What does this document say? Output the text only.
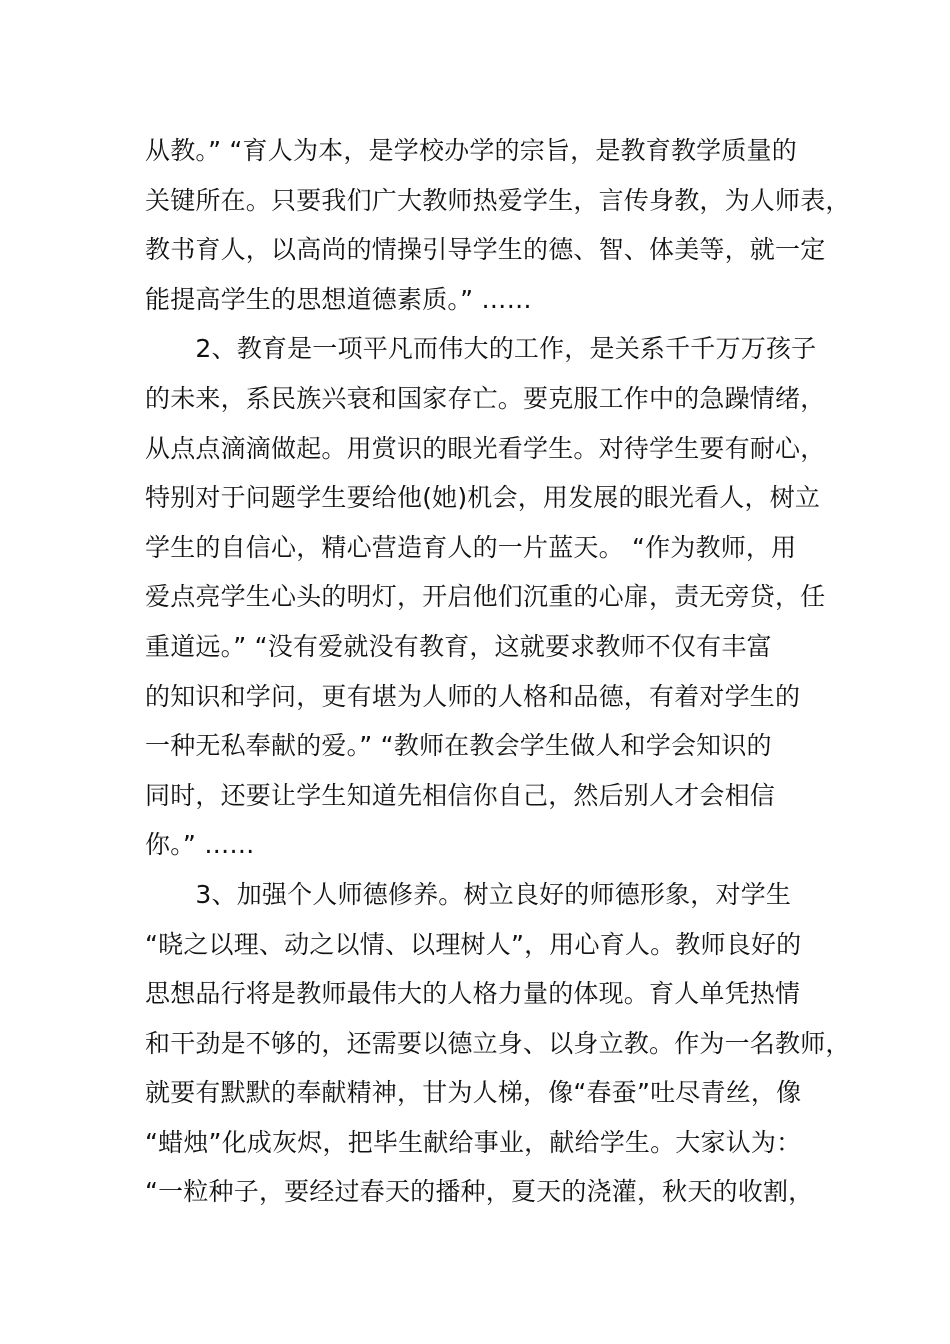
从教。” “育人为本，是学校办学的宗旨，是教育教学质量的
关键所在。只要我们广大教师热爱学生，言传身教，为人师表，
教书育人，以高尚的情操引导学生的德、智、体美等，就一定
能提高学生的思想道德素质。” ……
　　2、教育是一项平凡而伟大的工作，是关系千千万万孩子
的未来，系民族兴衰和国家存亡。要克服工作中的急躁情绪，
从点点滴滴做起。用赏识的眼光看学生。对待学生要有耐心，
特别对于问题学生要给他(她)机会，用发展的眼光看人，树立
学生的自信心，精心营造育人的一片蓝天。 “作为教师，用
爱点亮学生心头的明灯，开启他们沉重的心扉，责无旁贷，任
重道远。” “没有爱就没有教育，这就要求教师不仅有丰富
的知识和学问，更有堪为人师的人格和品德，有着对学生的
一种无私奉献的爱。” “教师在教会学生做人和学会知识的
同时，还要让学生知道先相信你自己，然后别人才会相信
你。” ……
　　3、加强个人师德修养。树立良好的师德形象，对学生
“晓之以理、动之以情、以理树人”，用心育人。教师良好的
思想品行将是教师最伟大的人格力量的体现。育人单凭热情
和干劲是不够的，还需要以德立身、以身立教。作为一名教师，
就要有默默的奉献精神，甘为人梯，像“春蚕”吐尽青丝，像
“蜡烛”化成灰烬，把毕生献给事业，献给学生。大家认为：
“一粒种子，要经过春天的播种，夏天的浇灌，秋天的收割，
